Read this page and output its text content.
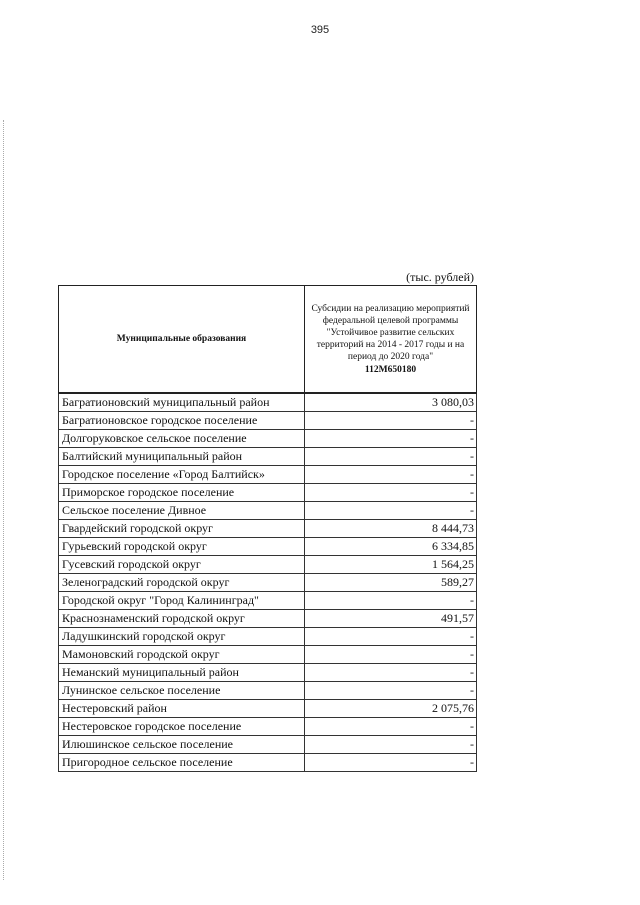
395
(тыс. рублей)
Муниципальные образования	Субсидии на реализацию мероприятий федеральной целевой программы "Устойчивое развитие сельских территорий на 2014 - 2017 годы и на период до 2020 года"
112М650180

Багратионовский муниципальный район	3 080,03
Багратионовское городское поселение	-
Долгоруковское сельское поселение	-
Балтийский муниципальный район	-
Городское поселение «Город Балтийск»	-
Приморское городское поселение	-
Сельское поселение Дивное	-
Гвардейский городской округ	8 444,73
Гурьевский городской округ	6 334,85
Гусевский городской округ	1 564,25
Зеленоградский городской округ	589,27
Городской округ "Город Калининград"	-
Краснознаменский городской округ	491,57
Ладушкинский городской округ	-
Мамоновский городской округ	-
Неманский муниципальный район	-
Лунинское сельское поселение	-
Нестеровский район	2 075,76
Нестеровское городское поселение	-
Илюшинское сельское поселение	-
Пригородное сельское поселение	-
